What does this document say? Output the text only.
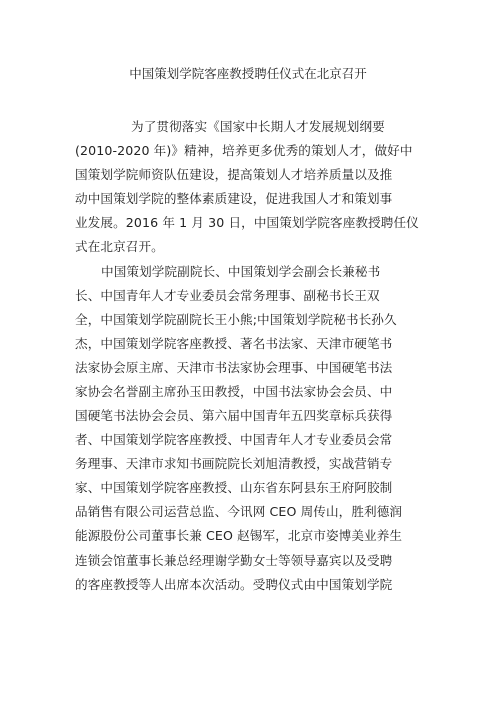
中国策划学院客座教授聘任仪式在北京召开
为了贯彻落实《国家中长期人才发展规划纲要
(2010-2020 年)》精神，培养更多优秀的策划人才，做好中
国策划学院师资队伍建设，提高策划人才培养质量以及推
动中国策划学院的整体素质建设，促进我国人才和策划事
业发展。2016 年 1 月 30 日，中国策划学院客座教授聘任仪
式在北京召开。
中国策划学院副院长、中国策划学会副会长兼秘书
长、中国青年人才专业委员会常务理事、副秘书长王双
全，中国策划学院副院长王小熊;中国策划学院秘书长孙久
杰，中国策划学院客座教授、著名书法家、天津市硬笔书
法家协会原主席、天津市书法家协会理事、中国硬笔书法
家协会名誉副主席孙玉田教授，中国书法家协会会员、中
国硬笔书法协会会员、第六届中国青年五四奖章标兵获得
者、中国策划学院客座教授、中国青年人才专业委员会常
务理事、天津市求知书画院院长刘旭清教授，实战营销专
家、中国策划学院客座教授、山东省东阿县东王府阿胶制
品销售有限公司运营总监、今讯网 CEO 周传山，胜利德润
能源股份公司董事长兼 CEO 赵锡军，北京市姿博美业养生
连锁会馆董事长兼总经理谢学勤女士等领导嘉宾以及受聘
的客座教授等人出席本次活动。受聘仪式由中国策划学院
